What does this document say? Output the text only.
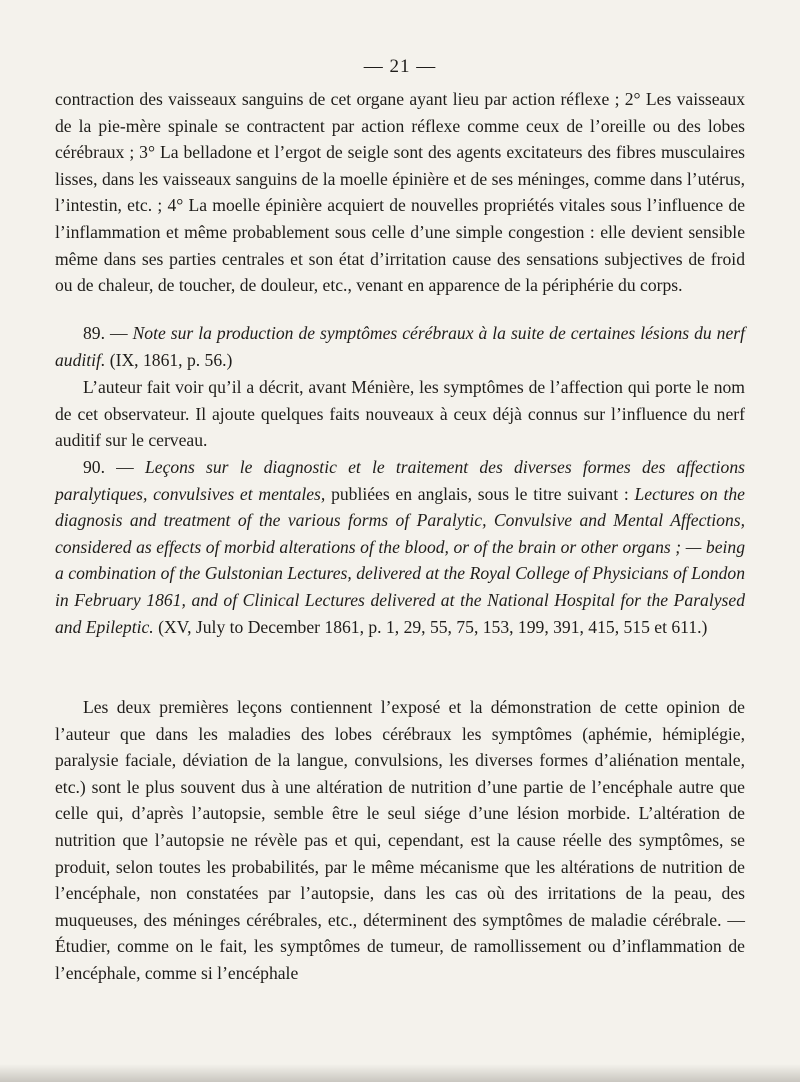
— 21 —

contraction des vaisseaux sanguins de cet organe ayant lieu par action réflexe ; 2° Les vaisseaux de la pie-mère spinale se contractent par action réflexe comme ceux de l’oreille ou des lobes cérébraux ; 3° La belladone et l’ergot de seigle sont des agents excitateurs des fibres musculaires lisses, dans les vaisseaux sanguins de la moelle épinière et de ses méninges, comme dans l’utérus, l’intestin, etc. ; 4° La moelle épinière acquiert de nouvelles propriétés vitales sous l’influence de l’inflammation et même probablement sous celle d’une simple congestion : elle devient sensible même dans ses parties centrales et son état d’irritation cause des sensations subjectives de froid ou de chaleur, de toucher, de douleur, etc., venant en apparence de la périphérie du corps.

89. — Note sur la production de symptômes cérébraux à la suite de certaines lésions du nerf auditif. (IX, 1861, p. 56.)

L’auteur fait voir qu’il a décrit, avant Ménière, les symptômes de l’affection qui porte le nom de cet observateur. Il ajoute quelques faits nouveaux à ceux déjà connus sur l’influence du nerf auditif sur le cerveau.

90. — Leçons sur le diagnostic et le traitement des diverses formes des affections paralytiques, convulsives et mentales, publiées en anglais, sous le titre suivant : Lectures on the diagnosis and treatment of the various forms of Paralytic, Convulsive and Mental Affections, considered as effects of morbid alterations of the blood, or of the brain or other organs ; — being a combination of the Gulstonian Lectures, delivered at the Royal College of Physicians of London in February 1861, and of Clinical Lectures delivered at the National Hospital for the Paralysed and Epileptic. (XV, July to December 1861, p. 1, 29, 55, 75, 153, 199, 391, 415, 515 et 611.)

Les deux premières leçons contiennent l’exposé et la démonstration de cette opinion de l’auteur que dans les maladies des lobes cérébraux les symptômes (aphémie, hémiplégie, paralysie faciale, déviation de la langue, convulsions, les diverses formes d’aliénation mentale, etc.) sont le plus souvent dus à une altération de nutrition d’une partie de l’encéphale autre que celle qui, d’après l’autopsie, semble être le seul siége d’une lésion morbide. L’altération de nutrition que l’autopsie ne révèle pas et qui, cependant, est la cause réelle des symptômes, se produit, selon toutes les probabilités, par le même mécanisme que les altérations de nutrition de l’encéphale, non constatées par l’autopsie, dans les cas où des irritations de la peau, des muqueuses, des méninges cérébrales, etc., déterminent des symptômes de maladie cérébrale. — Étudier, comme on le fait, les symptômes de tumeur, de ramollissement ou d’inflammation de l’encéphale, comme si l’encéphale
